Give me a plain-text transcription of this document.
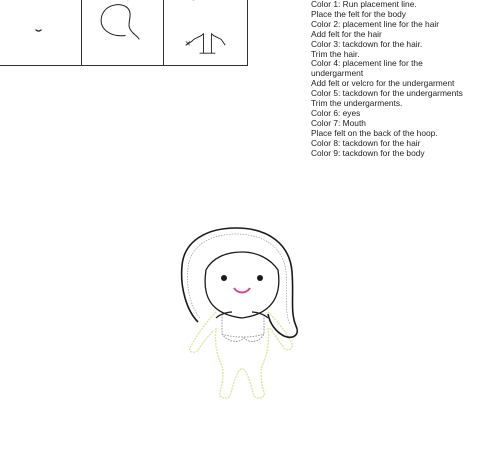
Color 1: Run placement line.
Place the felt for the body
Color 2: placement line for the hair
Add felt for the hair
Color 3: tackdown for the hair.
Trim the hair.
Color 4: placement line for the
undergarment
Add felt or velcro for the undergarment
Color 5: tackdown for the undergarments
Trim the undergarments.
Color 6: eyes
Color 7: Mouth
Place felt on the back of the hoop.
Color 8: tackdown for the hair
Color 9: tackdown for the body
